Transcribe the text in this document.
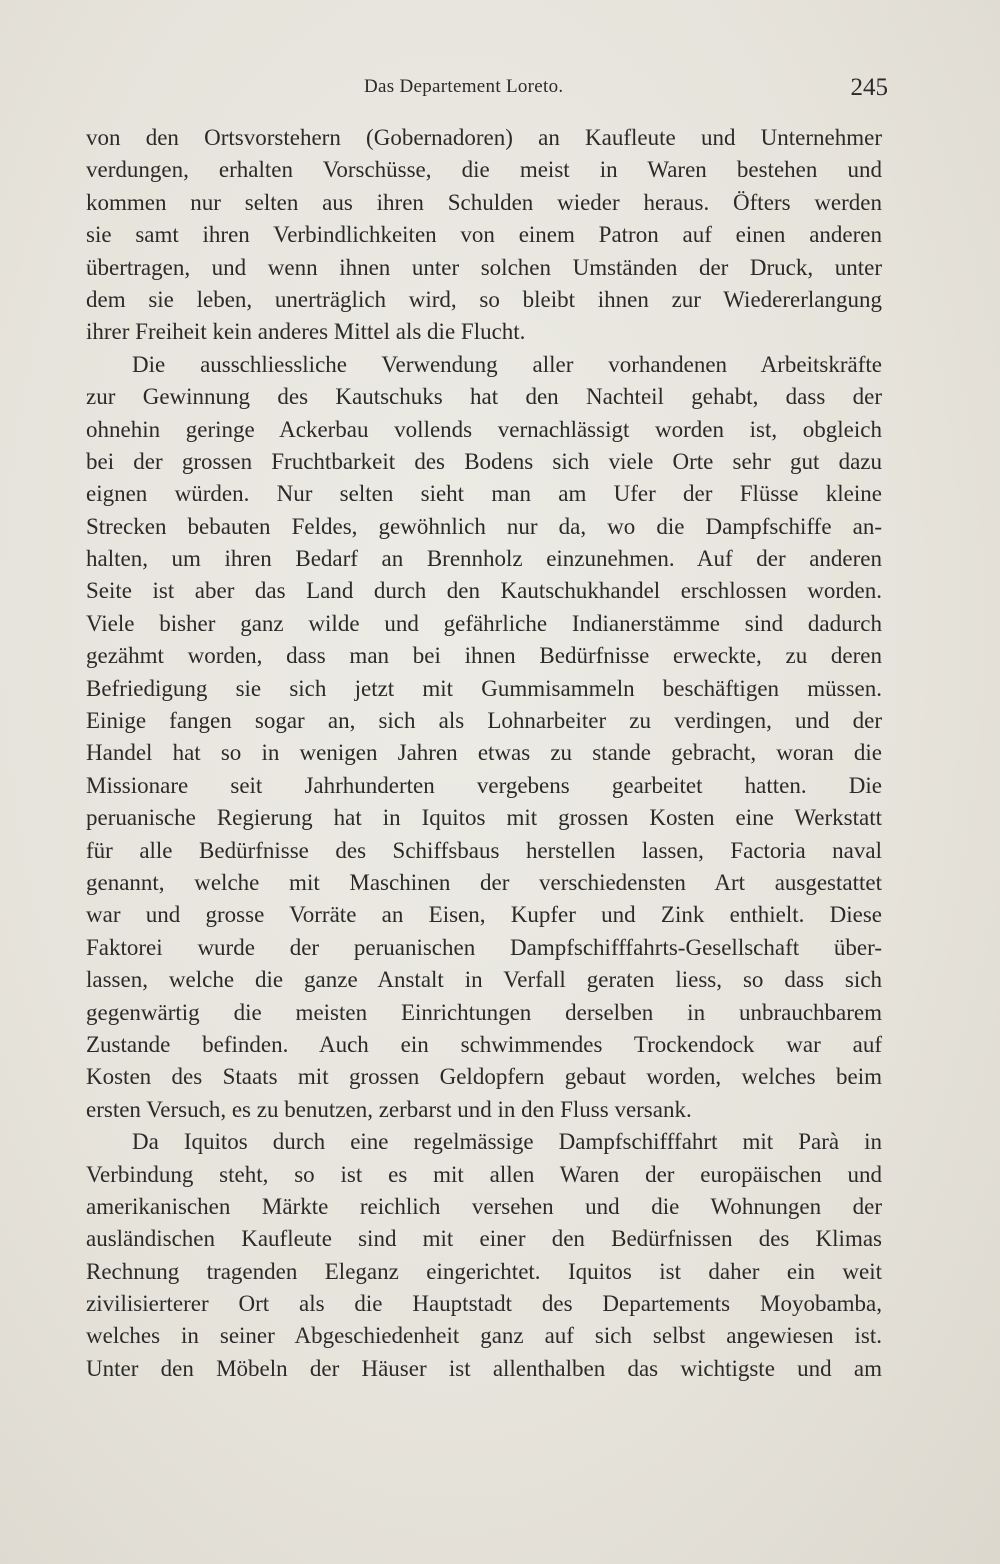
Das Departement Loreto.	245
von den Ortsvorstehern (Gobernadoren) an Kaufleute und Unternehmer
verdungen, erhalten Vorschüsse, die meist in Waren bestehen und
kommen nur selten aus ihren Schulden wieder heraus. Öfters werden
sie samt ihren Verbindlichkeiten von einem Patron auf einen anderen
übertragen, und wenn ihnen unter solchen Umständen der Druck, unter
dem sie leben, unerträglich wird, so bleibt ihnen zur Wiedererlangung
ihrer Freiheit kein anderes Mittel als die Flucht.
Die ausschliessliche Verwendung aller vorhandenen Arbeitskräfte
zur Gewinnung des Kautschuks hat den Nachteil gehabt, dass der
ohnehin geringe Ackerbau vollends vernachlässigt worden ist, obgleich
bei der grossen Fruchtbarkeit des Bodens sich viele Orte sehr gut dazu
eignen würden. Nur selten sieht man am Ufer der Flüsse kleine
Strecken bebauten Feldes, gewöhnlich nur da, wo die Dampfschiffe an-
halten, um ihren Bedarf an Brennholz einzunehmen. Auf der anderen
Seite ist aber das Land durch den Kautschukhandel erschlossen worden.
Viele bisher ganz wilde und gefährliche Indianerstämme sind dadurch
gezähmt worden, dass man bei ihnen Bedürfnisse erweckte, zu deren
Befriedigung sie sich jetzt mit Gummisammeln beschäftigen müssen.
Einige fangen sogar an, sich als Lohnarbeiter zu verdingen, und der
Handel hat so in wenigen Jahren etwas zu stande gebracht, woran die
Missionare seit Jahrhunderten vergebens gearbeitet hatten. Die
peruanische Regierung hat in Iquitos mit grossen Kosten eine Werkstatt
für alle Bedürfnisse des Schiffsbaus herstellen lassen, Factoria naval
genannt, welche mit Maschinen der verschiedensten Art ausgestattet
war und grosse Vorräte an Eisen, Kupfer und Zink enthielt. Diese
Faktorei wurde der peruanischen Dampfschifffahrts-Gesellschaft über-
lassen, welche die ganze Anstalt in Verfall geraten liess, so dass sich
gegenwärtig die meisten Einrichtungen derselben in unbrauchbarem
Zustande befinden. Auch ein schwimmendes Trockendock war auf
Kosten des Staats mit grossen Geldopfern gebaut worden, welches beim
ersten Versuch, es zu benutzen, zerbarst und in den Fluss versank.
Da Iquitos durch eine regelmässige Dampfschifffahrt mit Parà in
Verbindung steht, so ist es mit allen Waren der europäischen und
amerikanischen Märkte reichlich versehen und die Wohnungen der
ausländischen Kaufleute sind mit einer den Bedürfnissen des Klimas
Rechnung tragenden Eleganz eingerichtet. Iquitos ist daher ein weit
zivilisierterer Ort als die Hauptstadt des Departements Moyobamba,
welches in seiner Abgeschiedenheit ganz auf sich selbst angewiesen ist.
Unter den Möbeln der Häuser ist allenthalben das wichtigste und am
